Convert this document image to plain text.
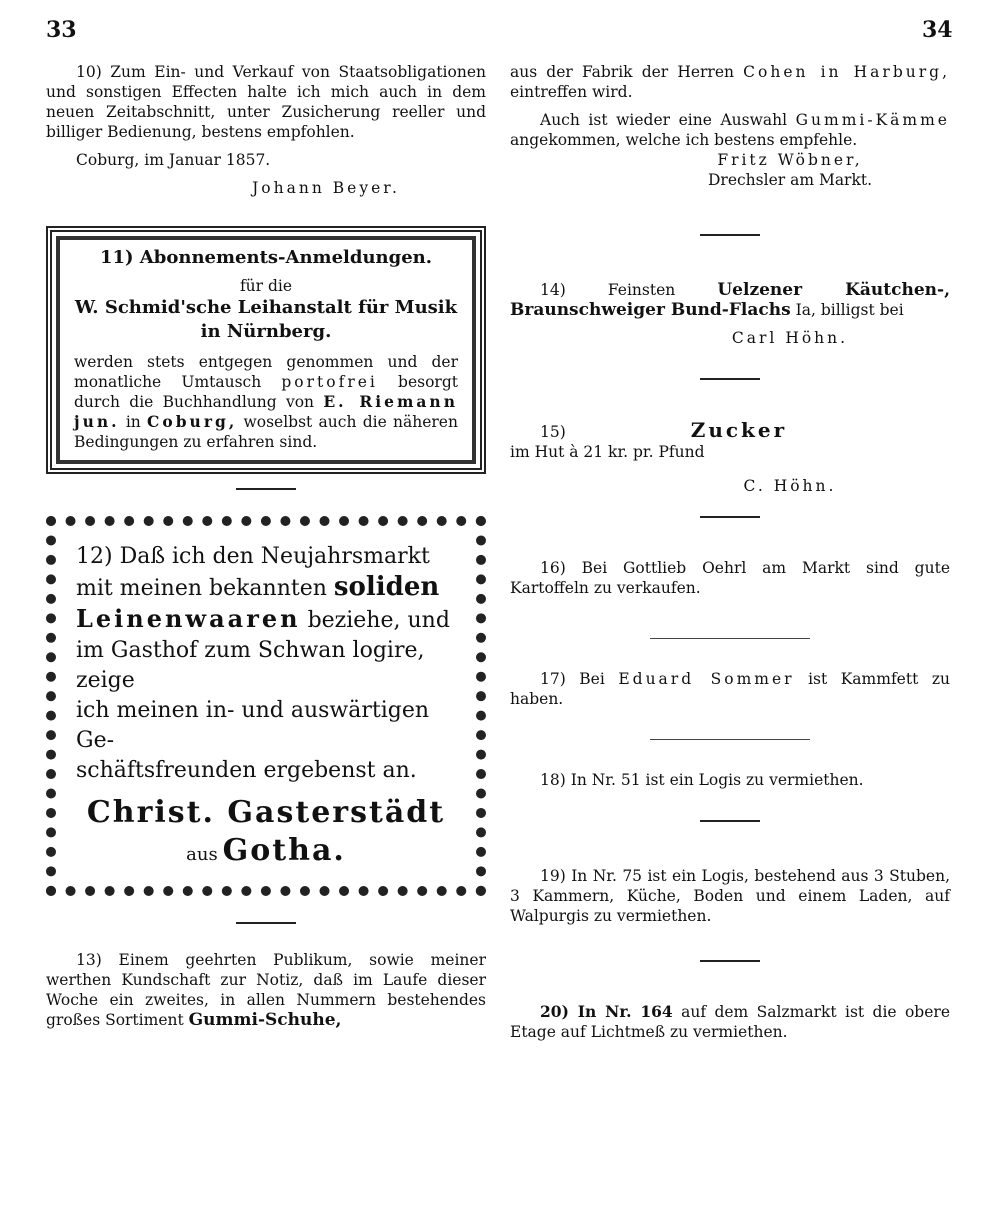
33	34

10) Zum Ein- und Verkauf von Staatsobligationen und sonstigen Effecten halte ich mich auch in dem neuen Zeitabschnitt, unter Zusicherung reeller und billiger Bedienung, bestens empfohlen.

Coburg, im Januar 1857.

Johann Beyer.

11) Abonnements-Anmeldungen.

für die

W. Schmid'sche Leihanstalt für Musik

in Nürnberg.

werden stets entgegen genommen und der monatliche Umtausch portofrei besorgt durch die Buchhandlung von E. Riemann jun. in Coburg, woselbst auch die näheren Bedingungen zu erfahren sind.

12) Daß ich den Neujahrsmarkt

mit meinen bekannten soliden

Leinenwaaren beziehe, und

im Gasthof zum Schwan logire, zeige

ich meinen in- und auswärtigen Ge-

schäftsfreunden ergebenst an.

Christ. Gasterstädt

aus Gotha.

13) Einem geehrten Publikum, sowie meiner werthen Kundschaft zur Notiz, daß im Laufe dieser Woche ein zweites, in allen Nummern bestehendes großes Sortiment Gummi-Schuhe,

aus der Fabrik der Herren Cohen in Harburg, eintreffen wird.

Auch ist wieder eine Auswahl Gummi-Kämme angekommen, welche ich bestens empfehle.

Fritz Wöbner,

Drechsler am Markt.

14) Feinsten Uelzener Käutchen-, Braunschweiger Bund-Flachs Ia, billigst bei

Carl Höhn.

15)	Zucker

im Hut à 21 kr. pr. Pfund

C. Höhn.

16) Bei Gottlieb Oehrl am Markt sind gute Kartoffeln zu verkaufen.

17) Bei Eduard Sommer ist Kammfett zu haben.

18) In Nr. 51 ist ein Logis zu vermiethen.

19) In Nr. 75 ist ein Logis, bestehend aus 3 Stuben, 3 Kammern, Küche, Boden und einem Laden, auf Walpurgis zu vermiethen.

20) In Nr. 164 auf dem Salzmarkt ist die obere Etage auf Lichtmeß zu vermiethen.
